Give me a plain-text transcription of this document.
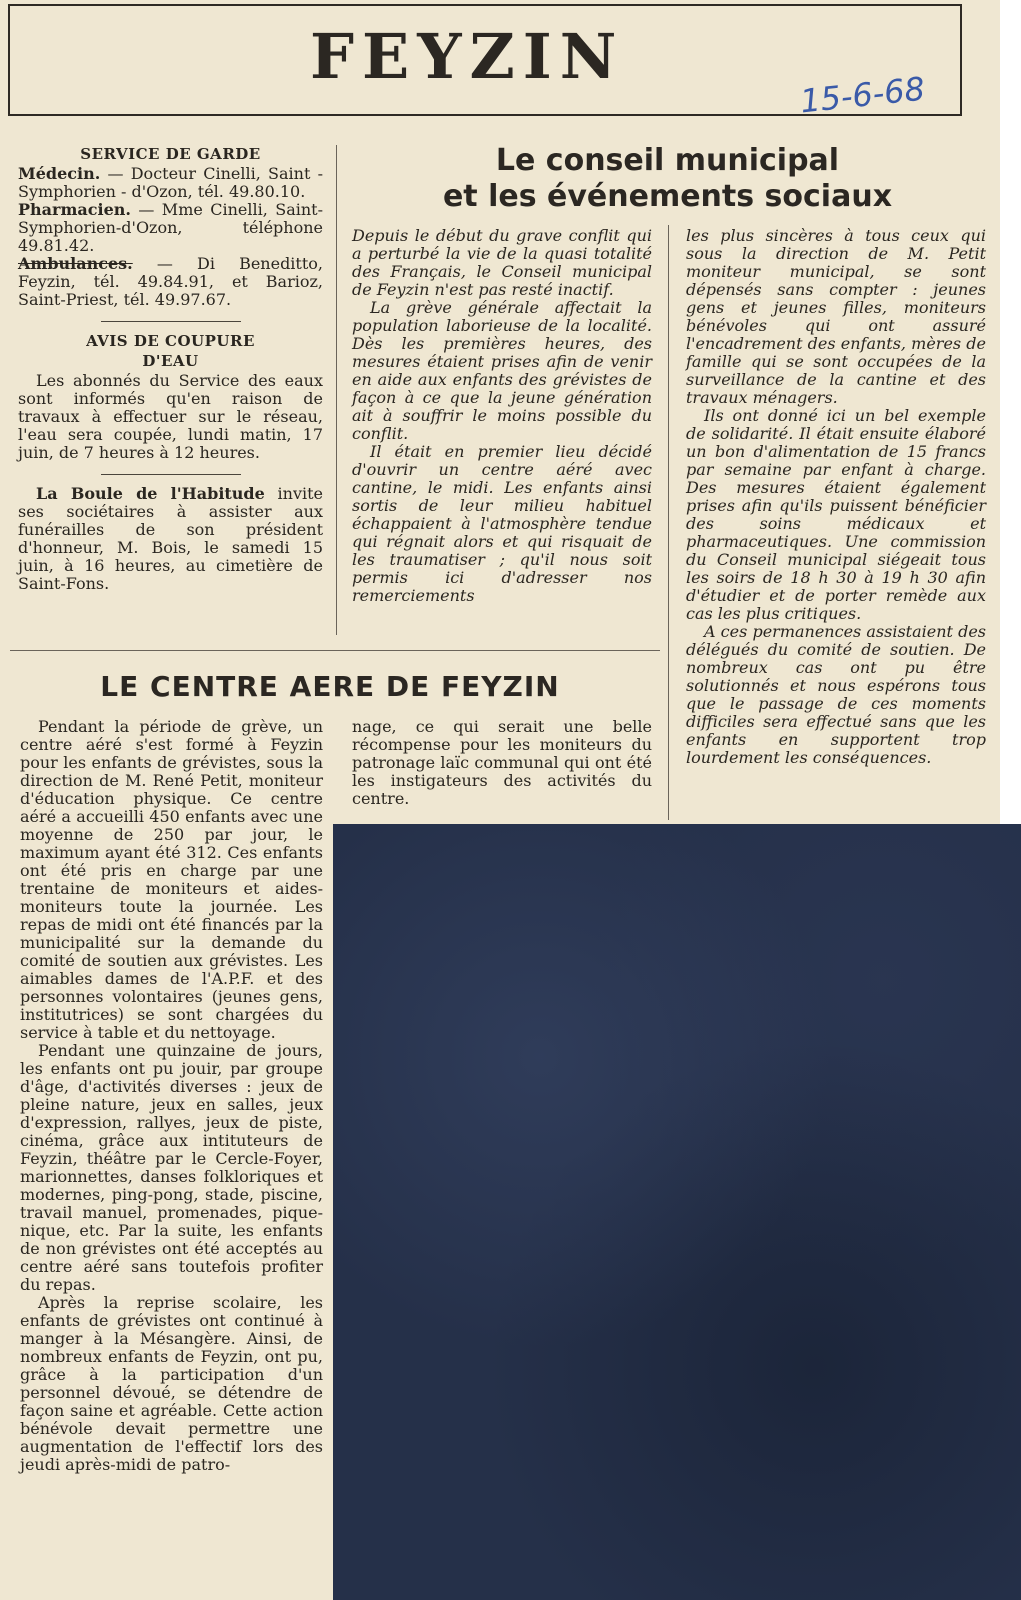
FEYZIN
15-6-68
SERVICE DE GARDE

Médecin. — Docteur Cinelli, Saint - Symphorien - d'Ozon, tél. 49.80.10.

Pharmacien. — Mme Cinelli, Saint-Symphorien-d'Ozon, téléphone 49.81.42.

Ambulances. — Di Beneditto, Feyzin, tél. 49.84.91, et Barioz, Saint-Priest, tél. 49.97.67.

AVIS DE COUPURE
D'EAU

Les abonnés du Service des eaux sont informés qu'en raison de travaux à effectuer sur le réseau, l'eau sera coupée, lundi matin, 17 juin, de 7 heures à 12 heures.

La Boule de l'Habitude invite ses sociétaires à assister aux funérailles de son président d'honneur, M. Bois, le samedi 15 juin, à 16 heures, au cimetière de Saint-Fons.

Le conseil municipal
et les événements sociaux

Depuis le début du grave conflit qui a perturbé la vie de la quasi totalité des Français, le Conseil municipal de Feyzin n'est pas resté inactif.

La grève générale affectait la population laborieuse de la localité. Dès les premières heures, des mesures étaient prises afin de venir en aide aux enfants des grévistes de façon à ce que la jeune génération ait à souffrir le moins possible du conflit.

Il était en premier lieu décidé d'ouvrir un centre aéré avec cantine, le midi. Les enfants ainsi sortis de leur milieu habituel échappaient à l'atmosphère tendue qui régnait alors et qui risquait de les traumatiser ; qu'il nous soit permis ici d'adresser nos remerciements

les plus sincères à tous ceux qui sous la direction de M. Petit moniteur municipal, se sont dépensés sans compter : jeunes gens et jeunes filles, moniteurs bénévoles qui ont assuré l'encadrement des enfants, mères de famille qui se sont occupées de la surveillance de la cantine et des travaux ménagers.

Ils ont donné ici un bel exemple de solidarité. Il était ensuite élaboré un bon d'alimentation de 15 francs par semaine par enfant à charge. Des mesures étaient également prises afin qu'ils puissent bénéficier des soins médicaux et pharmaceutiques. Une commission du Conseil municipal siégeait tous les soirs de 18 h 30 à 19 h 30 afin d'étudier et de porter remède aux cas les plus critiques.

A ces permanences assistaient des délégués du comité de soutien. De nombreux cas ont pu être solutionnés et nous espérons tous que le passage de ces moments difficiles sera effectué sans que les enfants en supportent trop lourdement les conséquences.

LE CENTRE AERE DE FEYZIN

Pendant la période de grève, un centre aéré s'est formé à Feyzin pour les enfants de grévistes, sous la direction de M. René Petit, moniteur d'éducation physique. Ce centre aéré a accueilli 450 enfants avec une moyenne de 250 par jour, le maximum ayant été 312. Ces enfants ont été pris en charge par une trentaine de moniteurs et aides-moniteurs toute la journée. Les repas de midi ont été financés par la municipalité sur la demande du comité de soutien aux grévistes. Les aimables dames de l'A.P.F. et des personnes volontaires (jeunes gens, institutrices) se sont chargées du service à table et du nettoyage.

Pendant une quinzaine de jours, les enfants ont pu jouir, par groupe d'âge, d'activités diverses : jeux de pleine nature, jeux en salles, jeux d'expression, rallyes, jeux de piste, cinéma, grâce aux intituteurs de Feyzin, théâtre par le Cercle-Foyer, marionnettes, danses folkloriques et modernes, ping-pong, stade, piscine, travail manuel, promenades, pique-nique, etc. Par la suite, les enfants de non grévistes ont été acceptés au centre aéré sans toutefois profiter du repas.

Après la reprise scolaire, les enfants de grévistes ont continué à manger à la Mésangère. Ainsi, de nombreux enfants de Feyzin, ont pu, grâce à la participation d'un personnel dévoué, se détendre de façon saine et agréable. Cette action bénévole devait permettre une augmentation de l'effectif lors des jeudi après-midi de patro-

nage, ce qui serait une belle récompense pour les moniteurs du patronage laïc communal qui ont été les instigateurs des activités du centre.
